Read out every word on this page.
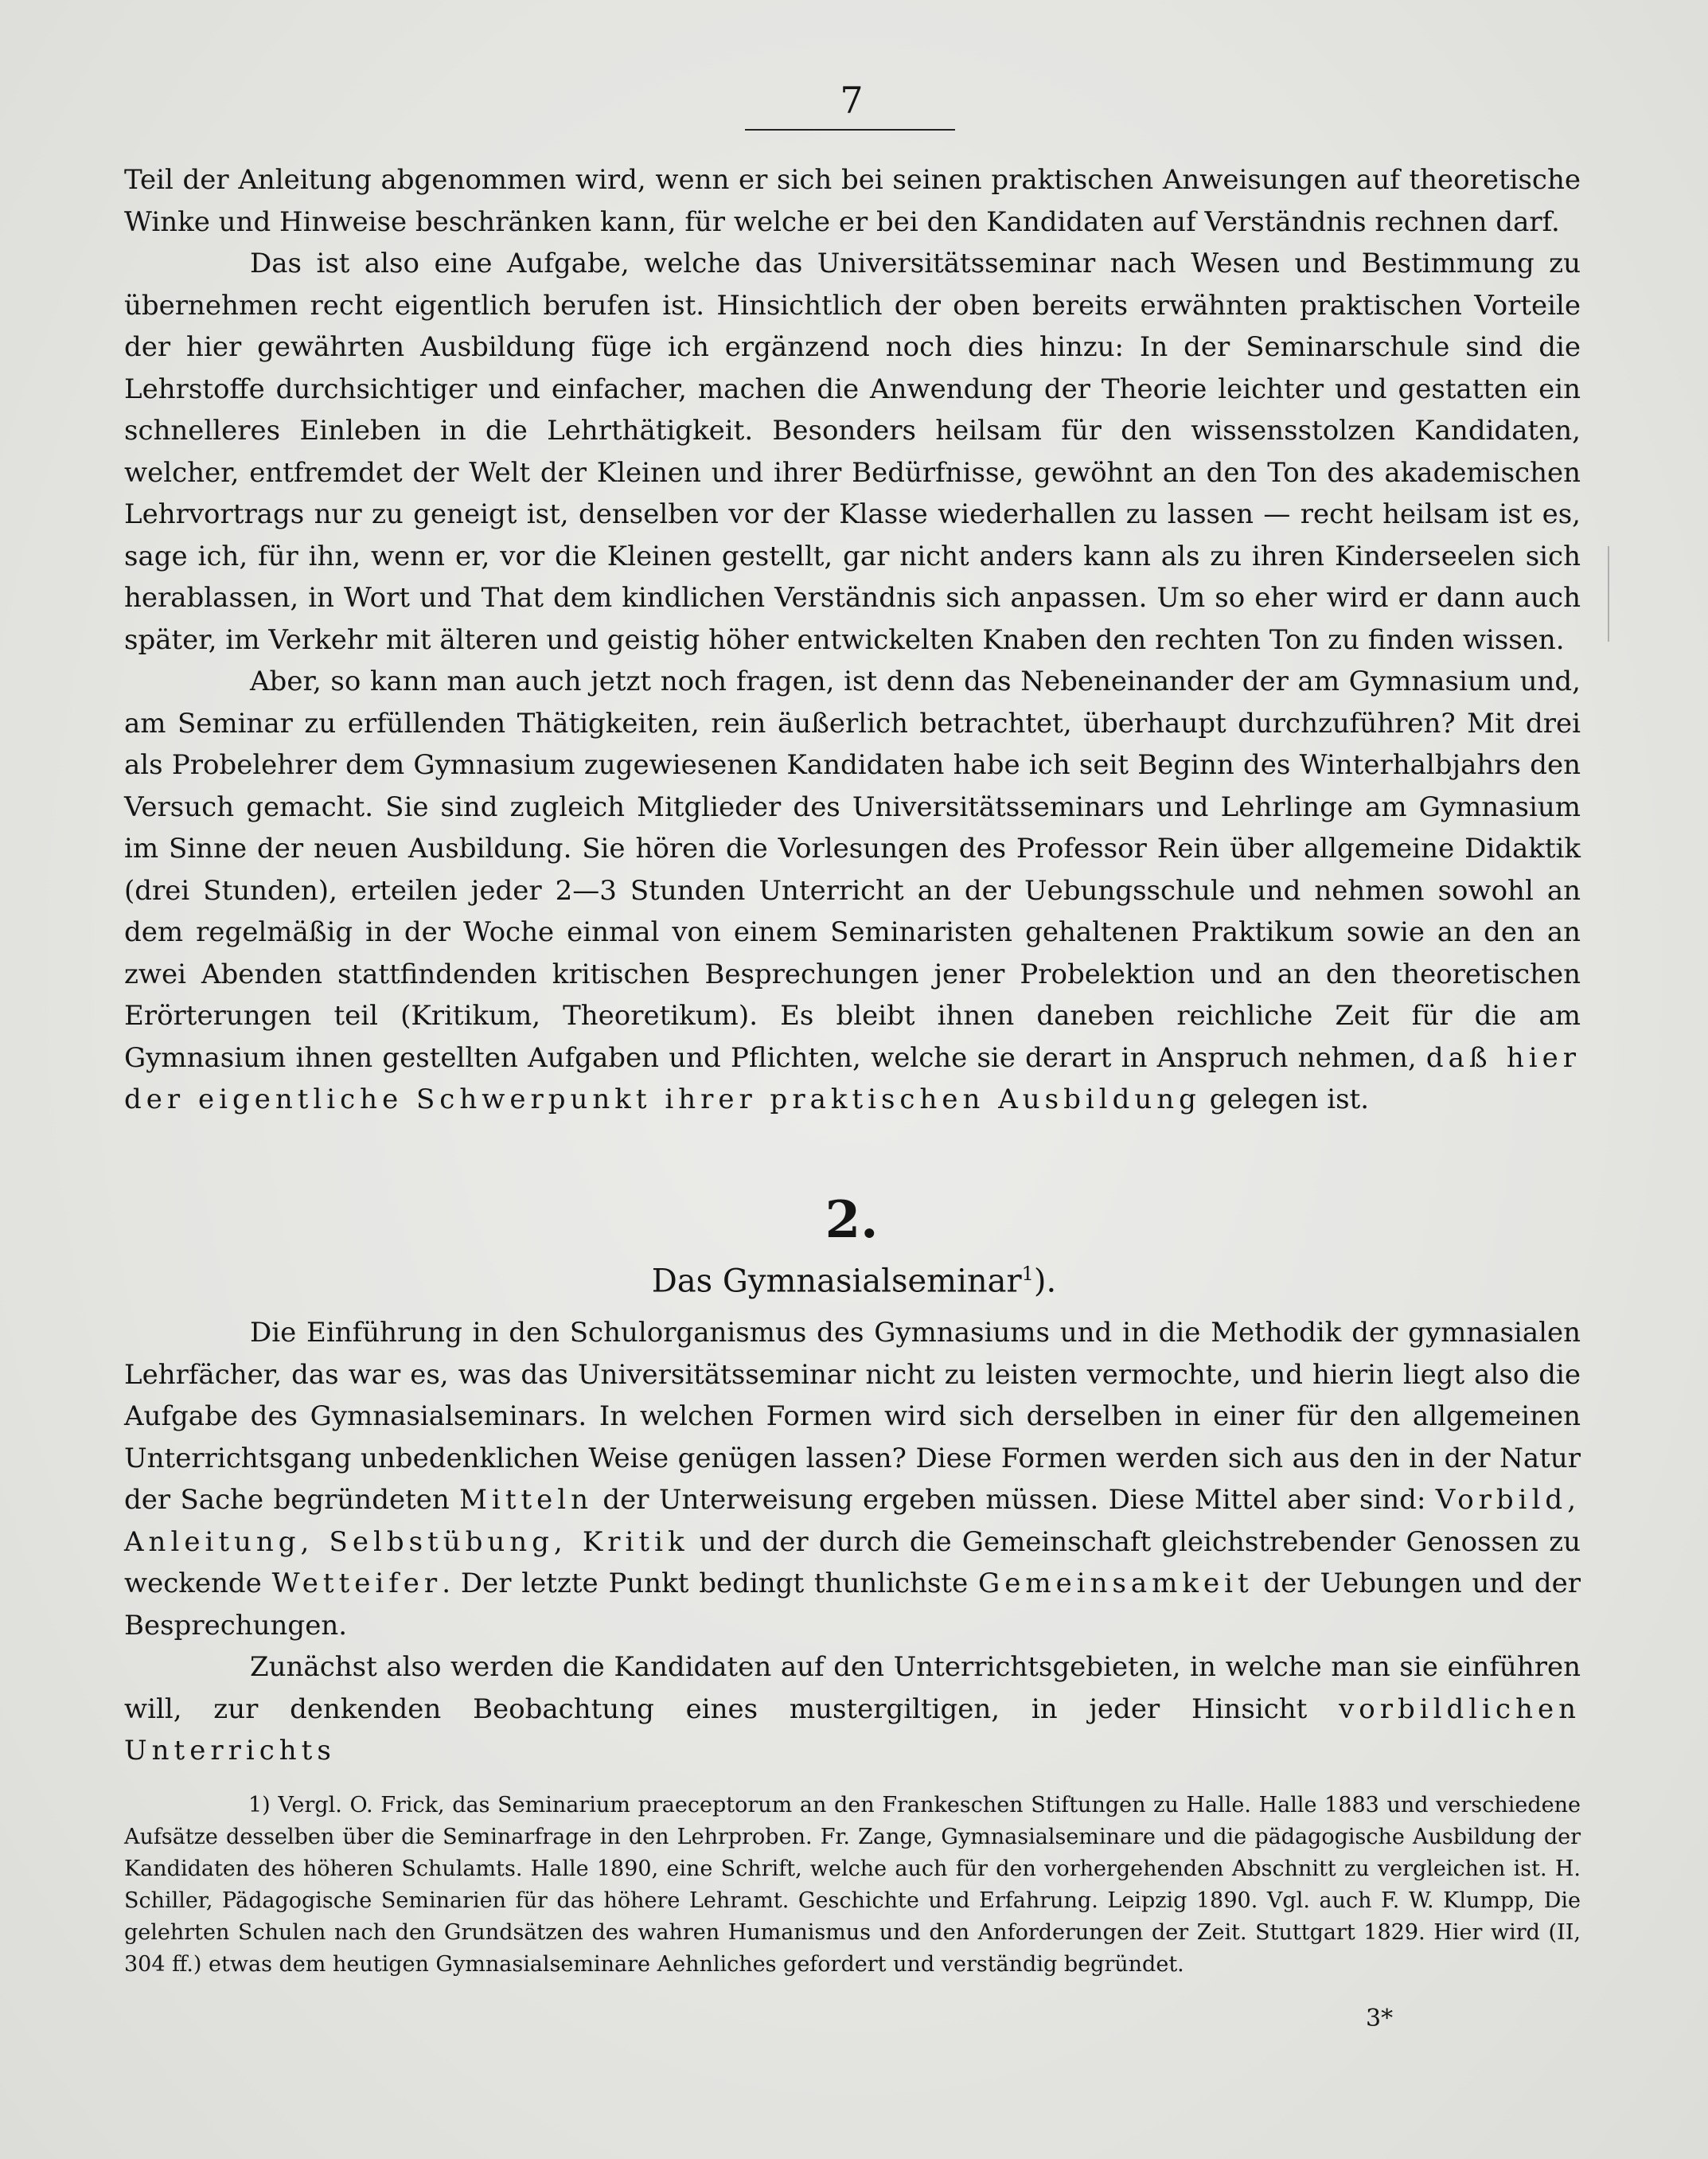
7

Teil der Anleitung abgenommen wird, wenn er sich bei seinen praktischen Anweisungen auf theoretische Winke und Hinweise beschränken kann, für welche er bei den Kandidaten auf Verständnis rechnen darf.

Das ist also eine Aufgabe, welche das Universitätsseminar nach Wesen und Bestimmung zu übernehmen recht eigentlich berufen ist. Hinsichtlich der oben bereits erwähnten praktischen Vorteile der hier gewährten Ausbildung füge ich ergänzend noch dies hinzu: In der Seminarschule sind die Lehrstoffe durchsichtiger und einfacher, machen die Anwendung der Theorie leichter und gestatten ein schnelleres Einleben in die Lehrthätigkeit. Besonders heilsam für den wissensstolzen Kandidaten, welcher, entfremdet der Welt der Kleinen und ihrer Bedürfnisse, gewöhnt an den Ton des akademischen Lehrvortrags nur zu geneigt ist, denselben vor der Klasse wiederhallen zu lassen — recht heilsam ist es, sage ich, für ihn, wenn er, vor die Kleinen gestellt, gar nicht anders kann als zu ihren Kinderseelen sich herablassen, in Wort und That dem kindlichen Verständnis sich anpassen. Um so eher wird er dann auch später, im Verkehr mit älteren und geistig höher entwickelten Knaben den rechten Ton zu finden wissen.

Aber, so kann man auch jetzt noch fragen, ist denn das Nebeneinander der am Gymnasium und, am Seminar zu erfüllenden Thätigkeiten, rein äußerlich betrachtet, überhaupt durchzuführen? Mit drei als Probelehrer dem Gymnasium zugewiesenen Kandidaten habe ich seit Beginn des Winterhalbjahrs den Versuch gemacht. Sie sind zugleich Mitglieder des Universitätsseminars und Lehrlinge am Gymnasium im Sinne der neuen Ausbildung. Sie hören die Vorlesungen des Professor Rein über allgemeine Didaktik (drei Stunden), erteilen jeder 2—3 Stunden Unterricht an der Uebungsschule und nehmen sowohl an dem regelmäßig in der Woche einmal von einem Seminaristen gehaltenen Praktikum sowie an den an zwei Abenden stattfindenden kritischen Besprechungen jener Probelektion und an den theoretischen Erörterungen teil (Kritikum, Theoretikum). Es bleibt ihnen daneben reichliche Zeit für die am Gymnasium ihnen gestellten Aufgaben und Pflichten, welche sie derart in Anspruch nehmen, daß hier der eigentliche Schwerpunkt ihrer praktischen Ausbildung gelegen ist.

2.
Das Gymnasialseminar$^1$).

Die Einführung in den Schulorganismus des Gymnasiums und in die Methodik der gymnasialen Lehrfächer, das war es, was das Universitätsseminar nicht zu leisten vermochte, und hierin liegt also die Aufgabe des Gymnasialseminars. In welchen Formen wird sich derselben in einer für den allgemeinen Unterrichtsgang unbedenklichen Weise genügen lassen? Diese Formen werden sich aus den in der Natur der Sache begründeten Mitteln der Unterweisung ergeben müssen. Diese Mittel aber sind: Vorbild, Anleitung, Selbstübung, Kritik und der durch die Gemeinschaft gleichstrebender Genossen zu weckende Wetteifer. Der letzte Punkt bedingt thunlichste Gemeinsamkeit der Uebungen und der Besprechungen.

Zunächst also werden die Kandidaten auf den Unterrichtsgebieten, in welche man sie einführen will, zur denkenden Beobachtung eines mustergiltigen, in jeder Hinsicht vorbildlichen Unterrichts

1) Vergl. O. Frick, das Seminarium praeceptorum an den Frankeschen Stiftungen zu Halle. Halle 1883 und verschiedene Aufsätze desselben über die Seminarfrage in den Lehrproben. Fr. Zange, Gymnasialseminare und die pädagogische Ausbildung der Kandidaten des höheren Schulamts. Halle 1890, eine Schrift, welche auch für den vorhergehenden Abschnitt zu vergleichen ist. H. Schiller, Pädagogische Seminarien für das höhere Lehramt. Geschichte und Erfahrung. Leipzig 1890. Vgl. auch F. W. Klumpp, Die gelehrten Schulen nach den Grundsätzen des wahren Humanismus und den Anforderungen der Zeit. Stuttgart 1829. Hier wird (II, 304 ff.) etwas dem heutigen Gymnasialseminare Aehnliches gefordert und verständig begründet.

3*
